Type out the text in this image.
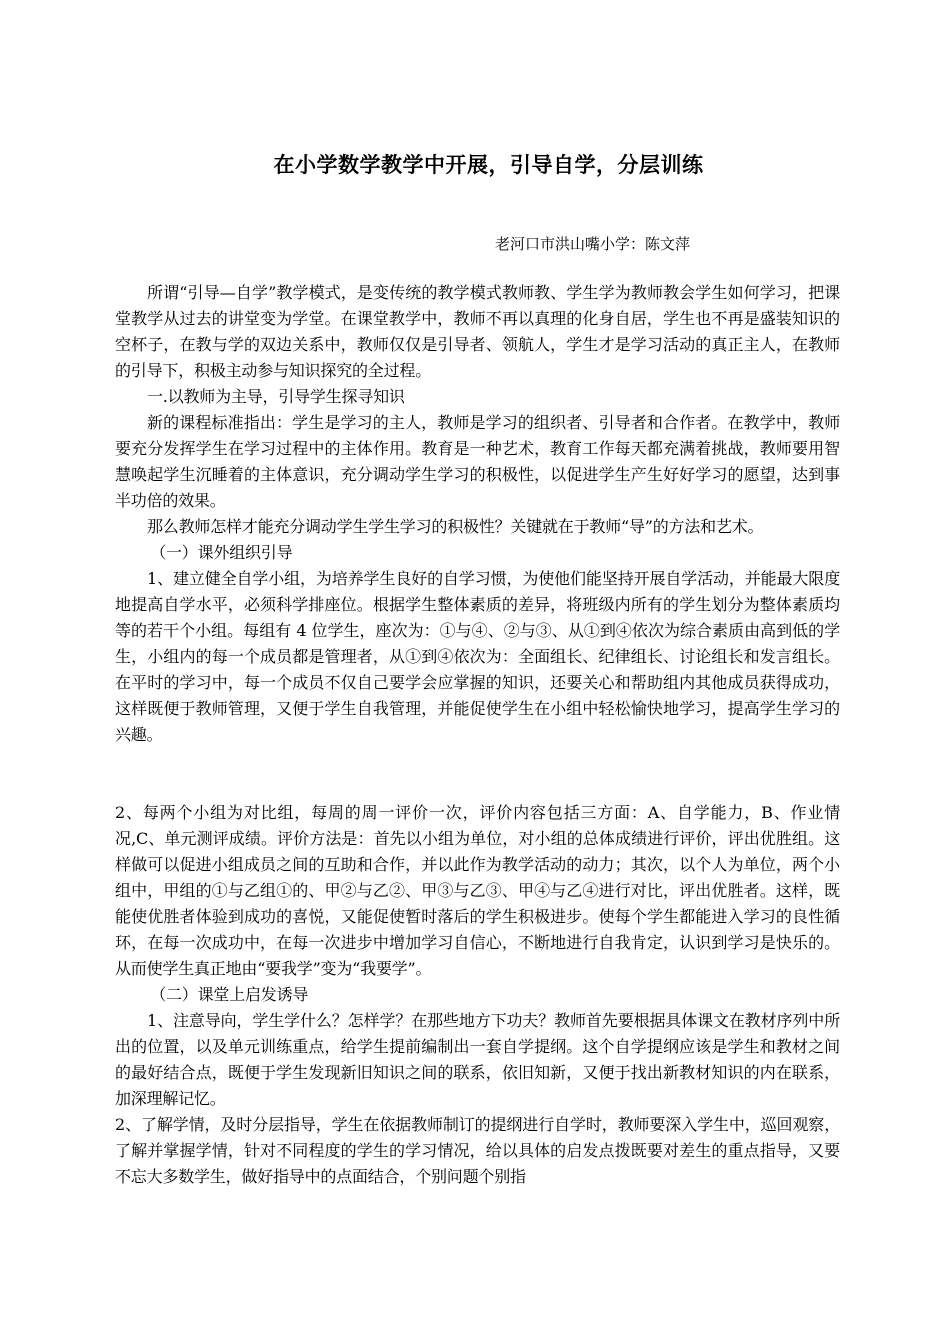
在小学数学教学中开展，引导自学，分层训练
老河口市洪山嘴小学：陈文萍

所谓“引导—自学”教学模式，是变传统的教学模式教师教、学生学为教师教会学生如何学习，把课堂教学从过去的讲堂变为学堂。在课堂教学中，教师不再以真理的化身自居，学生也不再是盛装知识的空杯子，在教与学的双边关系中，教师仅仅是引导者、领航人，学生才是学习活动的真正主人，在教师的引导下，积极主动参与知识探究的全过程。

一.以教师为主导，引导学生探寻知识

新的课程标准指出：学生是学习的主人，教师是学习的组织者、引导者和合作者。在教学中，教师要充分发挥学生在学习过程中的主体作用。教育是一种艺术，教育工作每天都充满着挑战，教师要用智慧唤起学生沉睡着的主体意识，充分调动学生学习的积极性，以促进学生产生好好学习的愿望，达到事半功倍的效果。

那么教师怎样才能充分调动学生学生学习的积极性？关键就在于教师“导”的方法和艺术。

（一）课外组织引导

1、建立健全自学小组，为培养学生良好的自学习惯，为使他们能坚持开展自学活动，并能最大限度地提高自学水平，必须科学排座位。根据学生整体素质的差异，将班级内所有的学生划分为整体素质均等的若干个小组。每组有 4 位学生，座次为：①与④、②与③、从①到④依次为综合素质由高到低的学生，小组内的每一个成员都是管理者，从①到④依次为：全面组长、纪律组长、讨论组长和发言组长。在平时的学习中，每一个成员不仅自己要学会应掌握的知识，还要关心和帮助组内其他成员获得成功，这样既便于教师管理，又便于学生自我管理，并能促使学生在小组中轻松愉快地学习，提高学生学习的兴趣。

2、每两个小组为对比组，每周的周一评价一次，评价内容包括三方面：A、自学能力，B、作业情况,C、单元测评成绩。评价方法是：首先以小组为单位，对小组的总体成绩进行评价，评出优胜组。这样做可以促进小组成员之间的互助和合作，并以此作为教学活动的动力；其次，以个人为单位，两个小组中，甲组的①与乙组①的、甲②与乙②、甲③与乙③、甲④与乙④进行对比，评出优胜者。这样，既能使优胜者体验到成功的喜悦，又能促使暂时落后的学生积极进步。使每个学生都能进入学习的良性循环，在每一次成功中，在每一次进步中增加学习自信心，不断地进行自我肯定，认识到学习是快乐的。从而使学生真正地由“要我学”变为“我要学”。

（二）课堂上启发诱导

1、注意导向，学生学什么？怎样学？在那些地方下功夫？教师首先要根据具体课文在教材序列中所出的位置，以及单元训练重点，给学生提前编制出一套自学提纲。这个自学提纲应该是学生和教材之间的最好结合点，既便于学生发现新旧知识之间的联系，依旧知新，又便于找出新教材知识的内在联系，加深理解记忆。

2、了解学情，及时分层指导，学生在依据教师制订的提纲进行自学时，教师要深入学生中，巡回观察，了解并掌握学情，针对不同程度的学生的学习情况，给以具体的启发点拨既要对差生的重点指导，又要不忘大多数学生，做好指导中的点面结合，个别问题个别指
